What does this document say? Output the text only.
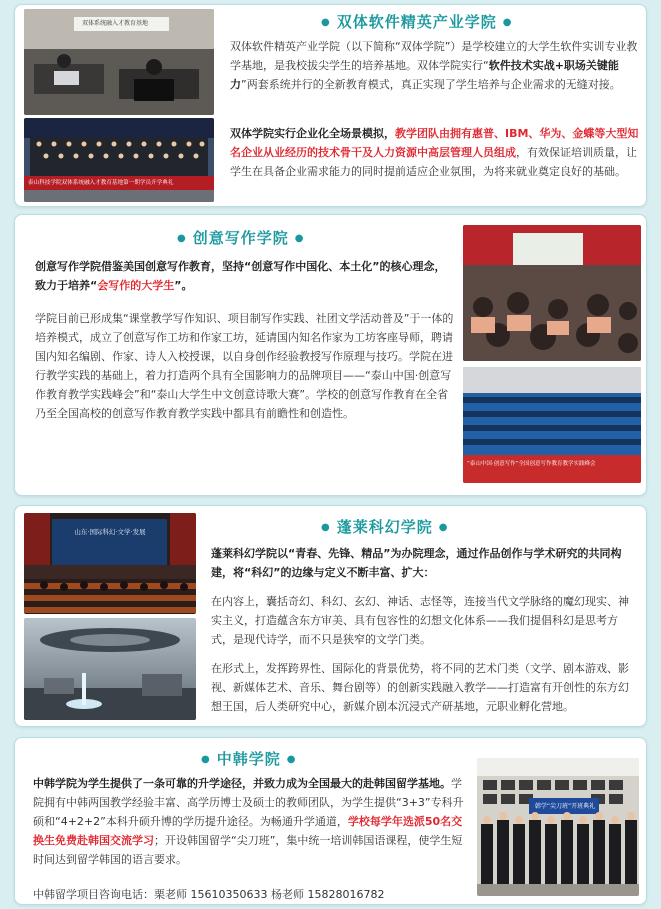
双体系统融入才教育基地
泰山科技学院双体系统融入才教育基地第一期学员开学典礼
● 双体软件精英产业学院 ●
双体软件精英产业学院（以下简称“双体学院”）是学校建立的大学生软件实训专业教学基地，是我校拔尖学生的培养基地。双体学院实行“软件技术实战+职场关键能力”两套系统并行的全新教育模式，真正实现了学生培养与企业需求的无缝对接。
双体学院实行企业化全场景模拟，教学团队由拥有惠普、IBM、华为、金蝶等大型知名企业从业经历的技术骨干及人力资源中高层管理人员组成，有效保证培训质量，让学生在具备企业需求能力的同时提前适应企业氛围，为将来就业奠定良好的基础。
● 创意写作学院 ●
创意写作学院借鉴美国创意写作教育，坚持“创意写作中国化、本土化”的核心理念，致力于培养“会写作的大学生”。
学院目前已形成集“课堂教学写作知识、项目制写作实践、社团文学活动普及”于一体的培养模式，成立了创意写作工坊和作家工坊，延请国内知名作家为工坊客座导师，聘请国内知名编剧、作家、诗人入校授课，以自身创作经验教授写作原理与技巧。学院在进行教学实践的基础上，着力打造两个具有全国影响力的品牌项目——“泰山中国·创意写作教育教学实践峰会”和“泰山大学生中文创意诗歌大赛”。学校的创意写作教育在全省乃至全国高校的创意写作教育教学实践中都具有前瞻性和创造性。
“泰山中国·创意写作”全国创意写作教育教学实践峰会
山东·国际科幻·文学·发展	● 蓬莱科幻学院 ●
蓬莱科幻学院以“青春、先锋、精品”为办院理念，通过作品创作与学术研究的共同构建，将“科幻”的边缘与定义不断丰富、扩大：
在内容上，囊括奇幻、科幻、玄幻、神话、志怪等，连接当代文学脉络的魔幻现实、神实主义，打造蕴含东方审美、具有包容性的幻想文化体系——我们提倡科幻是思考方式，是现代诗学，而不只是狭窄的文学门类。
在形式上，发挥跨界性、国际化的背景优势，将不同的艺术门类（文学、剧本游戏、影视、新媒体艺术、音乐、舞台剧等）的创新实践融入教学——打造富有开创性的东方幻想王国，后人类研究中心，新媒介剧本沉浸式产研基地，元职业孵化营地。
● 中韩学院 ●
中韩学院为学生提供了一条可靠的升学途径，并致力成为全国最大的赴韩国留学基地。学院拥有中韩两国教学经验丰富、高学历博士及硕士的教师团队，为学生提供“3+3”专科升硕和“4+2+2”本科升硕升博的学历提升途径。为畅通升学通道，学校每学年选派50名交换生免费赴韩国交流学习；开设韩国留学“尖刀班”，集中统一培训韩国语课程，使学生短时间达到留学韩国的语言要求。
中韩留学项目咨询电话：栗老师 15610350633 杨老师 15828016782
韩学“尖刀班”开班典礼
